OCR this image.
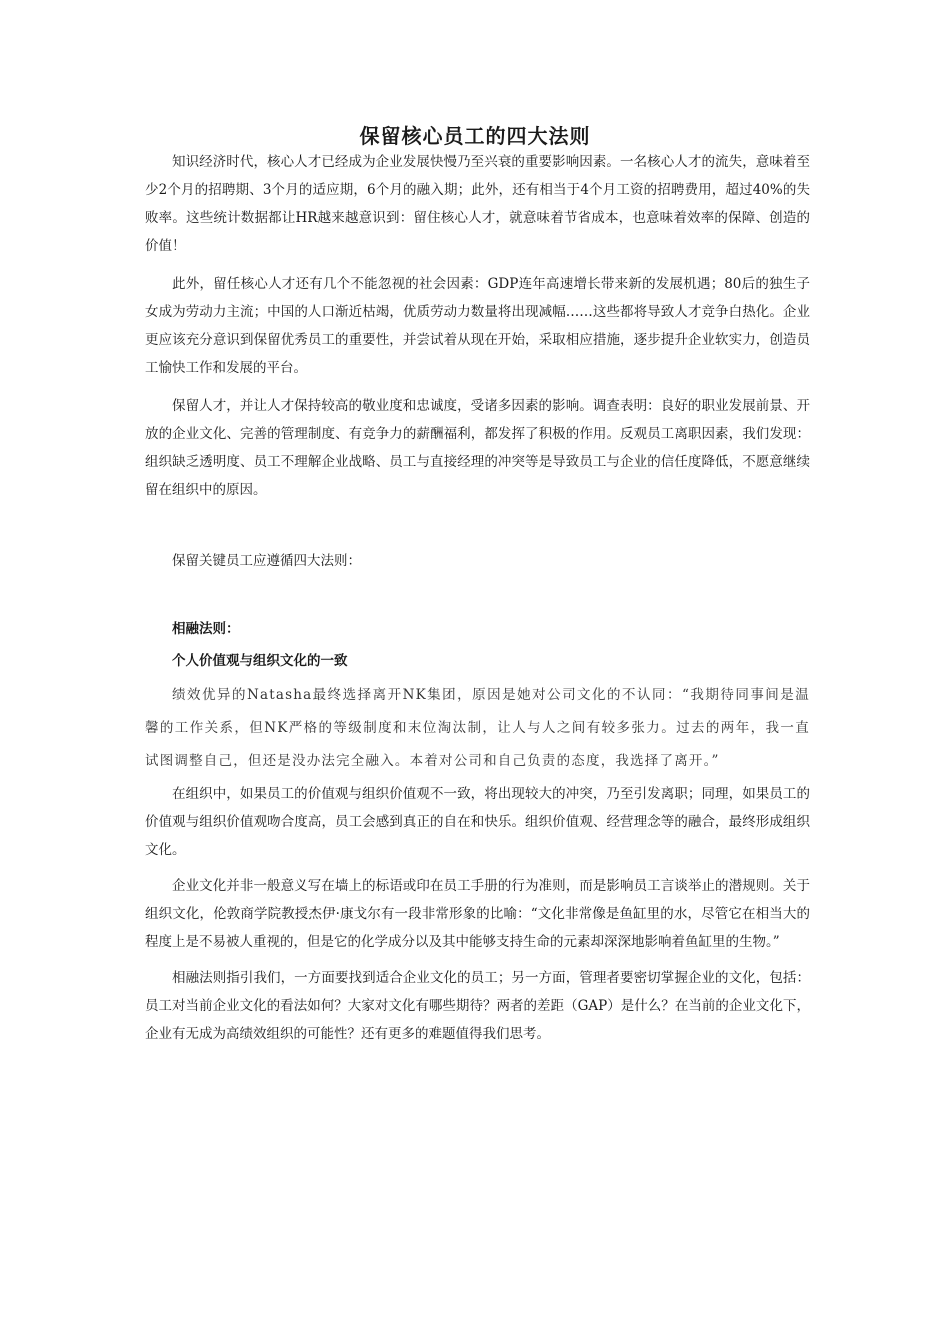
保留核心员工的四大法则

知识经济时代，核心人才已经成为企业发展快慢乃至兴衰的重要影响因素。一名核心人才的流失，意味着至少2个月的招聘期、3个月的适应期，6个月的融入期；此外，还有相当于4个月工资的招聘费用，超过40%的失败率。这些统计数据都让HR越来越意识到：留住核心人才，就意味着节省成本，也意味着效率的保障、创造的价值！

此外，留任核心人才还有几个不能忽视的社会因素：GDP连年高速增长带来新的发展机遇；80后的独生子女成为劳动力主流；中国的人口渐近枯竭，优质劳动力数量将出现减幅……这些都将导致人才竞争白热化。企业更应该充分意识到保留优秀员工的重要性，并尝试着从现在开始，采取相应措施，逐步提升企业软实力，创造员工愉快工作和发展的平台。

保留人才，并让人才保持较高的敬业度和忠诚度，受诸多因素的影响。调查表明：良好的职业发展前景、开放的企业文化、完善的管理制度、有竞争力的薪酬福利，都发挥了积极的作用。反观员工离职因素，我们发现：组织缺乏透明度、员工不理解企业战略、员工与直接经理的冲突等是导致员工与企业的信任度降低，不愿意继续留在组织中的原因。

保留关键员工应遵循四大法则：

相融法则：
个人价值观与组织文化的一致

绩效优异的Natasha最终选择离开NK集团，原因是她对公司文化的不认同：“我期待同事间是温馨的工作关系，但NK严格的等级制度和末位淘汰制，让人与人之间有较多张力。过去的两年，我一直试图调整自己，但还是没办法完全融入。本着对公司和自己负责的态度，我选择了离开。”

在组织中，如果员工的价值观与组织价值观不一致，将出现较大的冲突，乃至引发离职；同理，如果员工的价值观与组织价值观吻合度高，员工会感到真正的自在和快乐。组织价值观、经营理念等的融合，最终形成组织文化。

企业文化并非一般意义写在墙上的标语或印在员工手册的行为准则，而是影响员工言谈举止的潜规则。关于组织文化，伦敦商学院教授杰伊·康戈尔有一段非常形象的比喻：“文化非常像是鱼缸里的水，尽管它在相当大的程度上是不易被人重视的，但是它的化学成分以及其中能够支持生命的元素却深深地影响着鱼缸里的生物。”

相融法则指引我们，一方面要找到适合企业文化的员工；另一方面，管理者要密切掌握企业的文化，包括：员工对当前企业文化的看法如何？大家对文化有哪些期待？两者的差距（GAP）是什么？在当前的企业文化下，企业有无成为高绩效组织的可能性？还有更多的难题值得我们思考。
